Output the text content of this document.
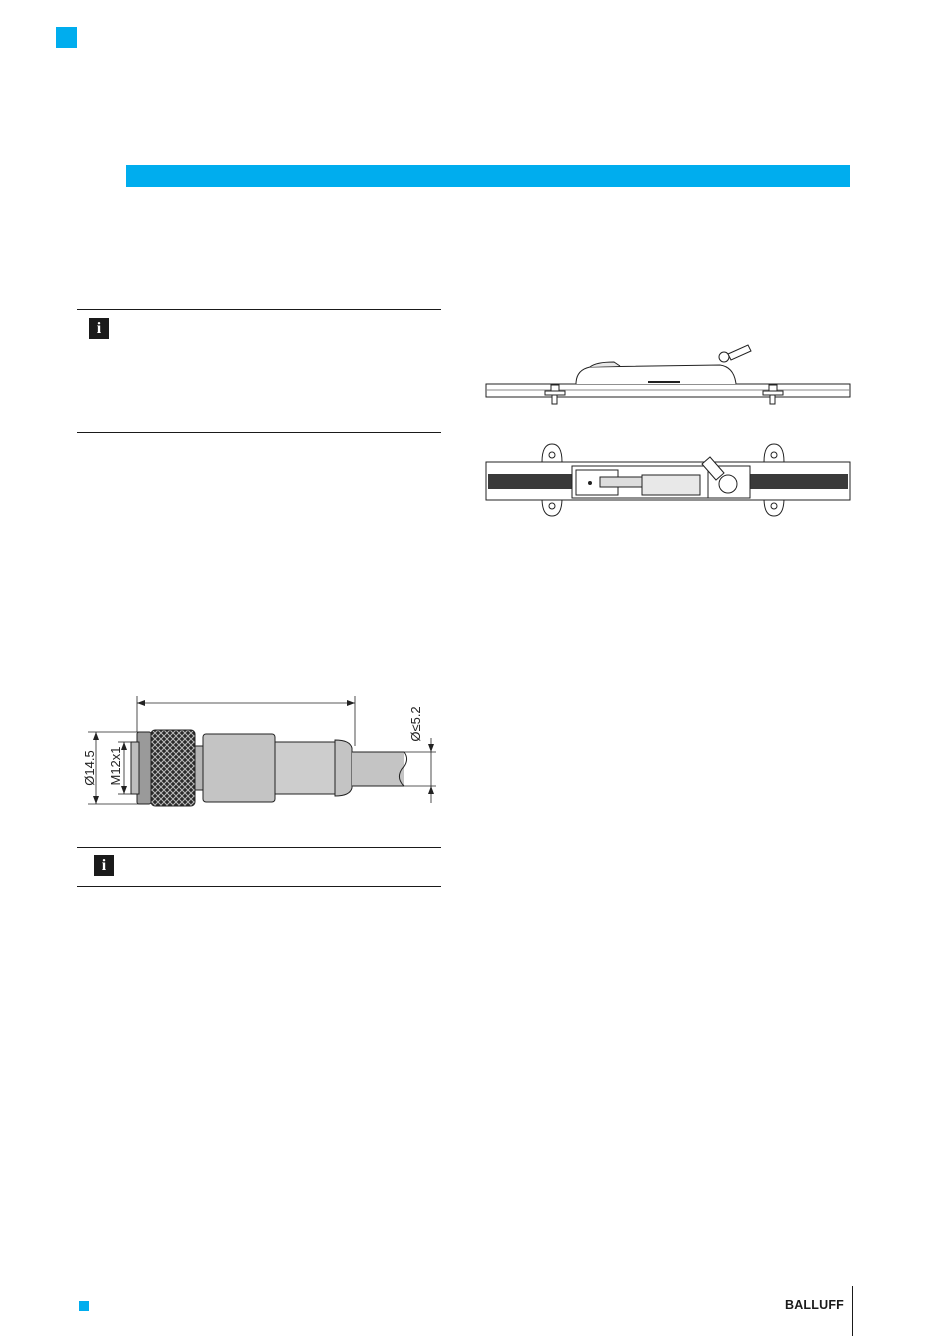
i
Ø14.5 M12x1
Ø≤5.2
i
BALLUFF
